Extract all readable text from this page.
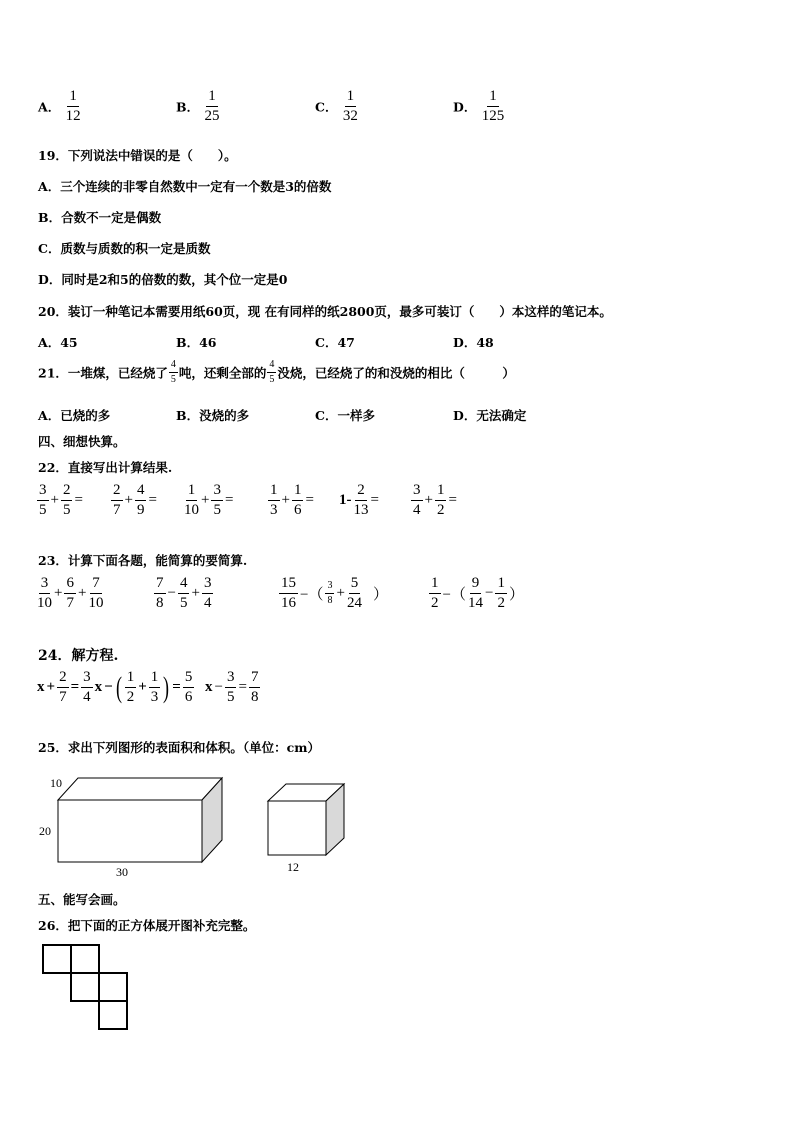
A． $\frac{1}{12}$	B． $\frac{1}{25}$	C． $\frac{1}{32}$	D． $\frac{1}{125}$
19．下列说法中错误的是（　　）。
A．三个连续的非零自然数中一定有一个数是3的倍数
B．合数不一定是偶数
C．质数与质数的积一定是质数
D．同时是2和5的倍数的数，其个位一定是0
20．装订一种笔记本需要用纸60页，现 在有同样的纸2800页，最多可装订（　　）本这样的笔记本。
A．45	B．46	C．47	D．48
21．一堆煤，已经烧了 $\frac{4}{5}$ 吨，还剩全部的 $\frac{4}{5}$ 没烧，已经烧了的和没烧的相比（　　　）
A．已烧的多	B．没烧的多	C．一样多	D．无法确定
四、细想快算。
22．直接写出计算结果.
$\frac{3}{5} + \frac{2}{5} = \frac{2}{7} + \frac{4}{9} = \frac{1}{10} + \frac{3}{5} = \frac{1}{3} + \frac{1}{6} = 1- \frac{2}{13} = \frac{3}{4} + \frac{1}{2}$ =
23．计算下面各题，能简算的要简算.
$\frac{3}{10} + \frac{6}{7} + \frac{7}{10}$	$\frac{7}{8} - \frac{4}{5} + \frac{3}{4}$	$\frac{15}{16}$ −（ $\frac{3}{8} + \frac{5}{24}$ ）	$\frac{1}{2}$ −（ $\frac{9}{14} - \frac{1}{2}$ ）
24．解方程.
$x + \frac{2}{7} = \frac{3}{4}$ x − ( $\frac{1}{2} + \frac{1}{3}$ ) = $\frac{5}{6}$ $x - \frac{3}{5} = \frac{7}{8}$
25．求出下列图形的表面积和体积。（单位：cm）
10
20
30	12
五、能写会画。
26．把下面的正方体展开图补充完整。
